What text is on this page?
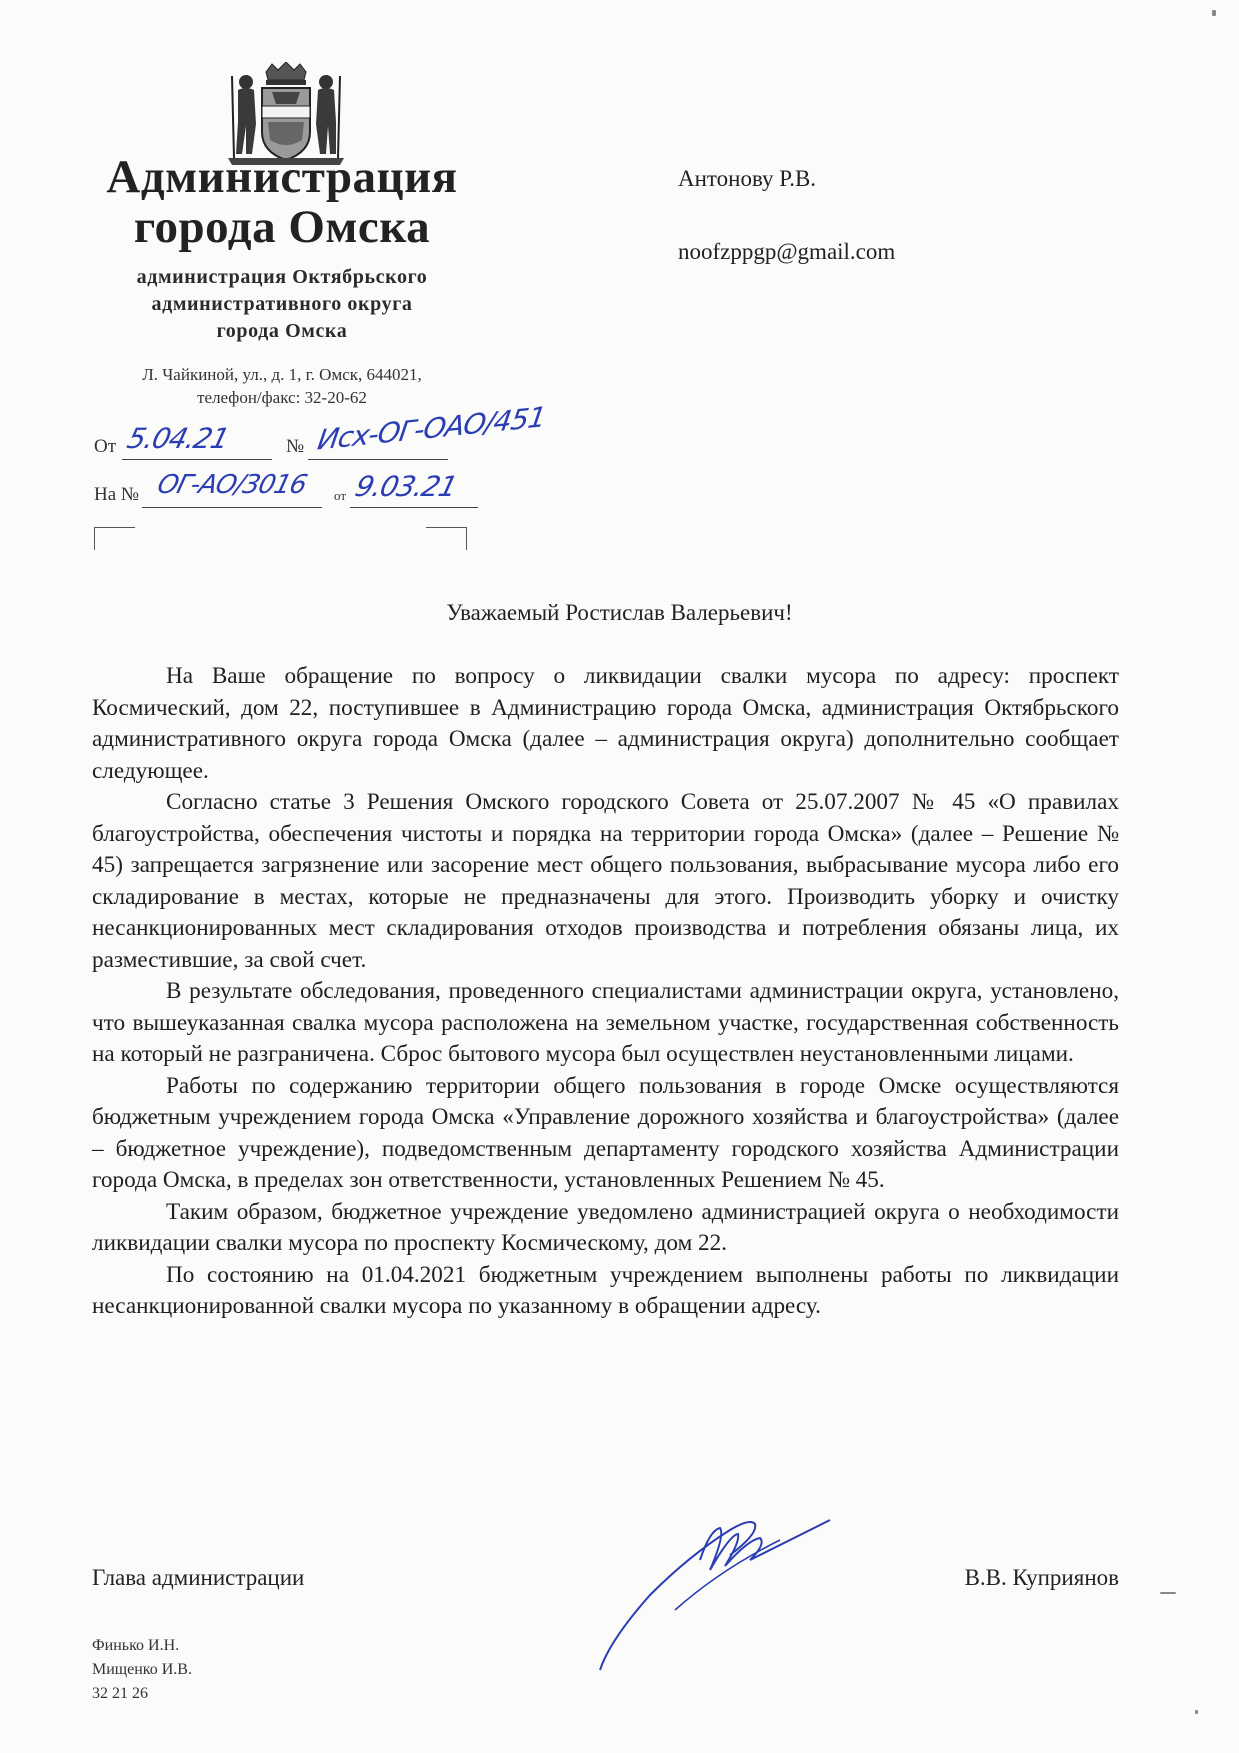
Администрация
города Омска
администрация Октябрьского
административного округа
города Омска
Л. Чайкиной, ул., д. 1, г. Омск, 644021,
телефон/факс: 32-20-62
От 5.04.21	№ Исх-ОГ-ОАО/451
На № ОГ-АО/3016 от 9.03.21
Антонову Р.В.
noofzppgp@gmail.com
Уважаемый Ростислав Валерьевич!

На Ваше обращение по вопросу о ликвидации свалки мусора по адресу: проспект Космический, дом 22, поступившее в Администрацию города Омска, администрация Октябрьского административного округа города Омска (далее – администрация округа) дополнительно сообщает следующее.

Согласно статье 3 Решения Омского городского Совета от 25.07.2007 № 45 «О правилах благоустройства, обеспечения чистоты и порядка на территории города Омска» (далее – Решение № 45) запрещается загрязнение или засорение мест общего пользования, выбрасывание мусора либо его складирование в местах, которые не предназначены для этого. Производить уборку и очистку несанкционированных мест складирования отходов производства и потребления обязаны лица, их разместившие, за свой счет.

В результате обследования, проведенного специалистами администрации округа, установлено, что вышеуказанная свалка мусора расположена на земельном участке, государственная собственность на который не разграничена. Сброс бытового мусора был осуществлен неустановленными лицами.

Работы по содержанию территории общего пользования в городе Омске осуществляются бюджетным учреждением города Омска «Управление дорожного хозяйства и благоустройства» (далее – бюджетное учреждение), подведомственным департаменту городского хозяйства Администрации города Омска, в пределах зон ответственности, установленных Решением № 45.

Таким образом, бюджетное учреждение уведомлено администрацией округа о необходимости ликвидации свалки мусора по проспекту Космическому, дом 22.

По состоянию на 01.04.2021 бюджетным учреждением выполнены работы по ликвидации несанкционированной свалки мусора по указанному в обращении адресу.

Глава администрации	В.В. Куприянов
Финько И.Н.
Мищенко И.В.
32 21 26
